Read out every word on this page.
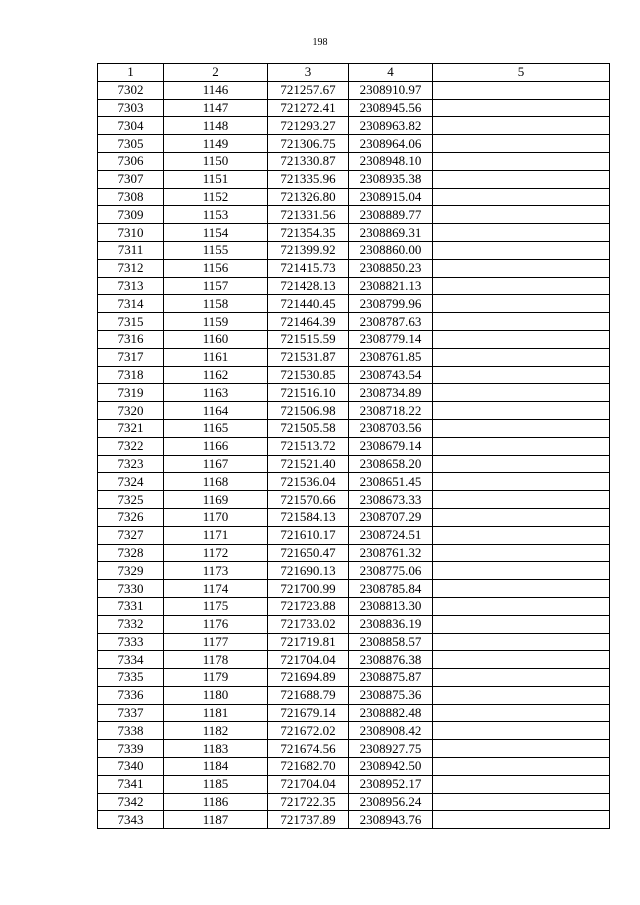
198
1	2	3	4	5
7302	1146	721257.67	2308910.97	
7303	1147	721272.41	2308945.56	
7304	1148	721293.27	2308963.82	
7305	1149	721306.75	2308964.06	
7306	1150	721330.87	2308948.10	
7307	1151	721335.96	2308935.38	
7308	1152	721326.80	2308915.04	
7309	1153	721331.56	2308889.77	
7310	1154	721354.35	2308869.31	
7311	1155	721399.92	2308860.00	
7312	1156	721415.73	2308850.23	
7313	1157	721428.13	2308821.13	
7314	1158	721440.45	2308799.96	
7315	1159	721464.39	2308787.63	
7316	1160	721515.59	2308779.14	
7317	1161	721531.87	2308761.85	
7318	1162	721530.85	2308743.54	
7319	1163	721516.10	2308734.89	
7320	1164	721506.98	2308718.22	
7321	1165	721505.58	2308703.56	
7322	1166	721513.72	2308679.14	
7323	1167	721521.40	2308658.20	
7324	1168	721536.04	2308651.45	
7325	1169	721570.66	2308673.33	
7326	1170	721584.13	2308707.29	
7327	1171	721610.17	2308724.51	
7328	1172	721650.47	2308761.32	
7329	1173	721690.13	2308775.06	
7330	1174	721700.99	2308785.84	
7331	1175	721723.88	2308813.30	
7332	1176	721733.02	2308836.19	
7333	1177	721719.81	2308858.57	
7334	1178	721704.04	2308876.38	
7335	1179	721694.89	2308875.87	
7336	1180	721688.79	2308875.36	
7337	1181	721679.14	2308882.48	
7338	1182	721672.02	2308908.42	
7339	1183	721674.56	2308927.75	
7340	1184	721682.70	2308942.50	
7341	1185	721704.04	2308952.17	
7342	1186	721722.35	2308956.24	
7343	1187	721737.89	2308943.76	
